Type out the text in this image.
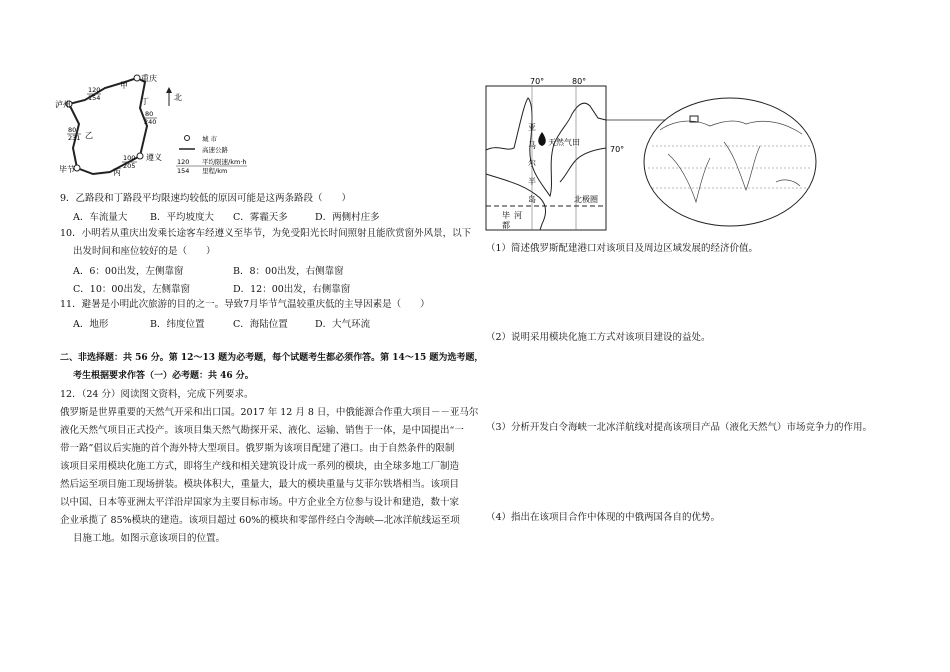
重庆
泸州
毕节
遵义
甲
乙
丙
丁
120
154
80
231
100
205
80
240
北
城 市
高速公路
120
154
平均限速/km·h
里程/km
9．乙路段和丁路段平均限速均较低的原因可能是这两条路段（　　）
A．车流量大 B．平均坡度大 C．雾霾天多	D．两侧村庄多
10．小明若从重庆出发乘长途客车经遵义至毕节，为免受阳光长时间照射且能欣赏窗外风景，以下
出发时间和座位较好的是（　　）
A．6：00出发，左侧靠窗	B．8：00出发，右侧靠窗
C．10：00出发，左侧靠窗	D．12：00出发，右侧靠窗
11．避暑是小明此次旅游的目的之一。导致7月毕节气温较重庆低的主导因素是（　　）
A．地形	B．纬度位置	C．海陆位置	D．大气环流
二、非选择题：共 56 分。第 12～13 题为必考题，每个试题考生都必须作答。第 14～15 题为选考题，
考生根据要求作答（一）必考题：共 46 分。
12．（24 分）阅读图文资料，完成下列要求。
俄罗斯是世界重要的天然气开采和出口国。2017 年 12 月 8 日，中俄能源合作重大项目－－亚马尔
液化天然气项目正式投产。该项目集天然气勘探开采、液化、运输、销售于一体，是中国提出“一
带一路”倡议后实施的首个海外特大型项目。俄罗斯为该项目配建了港口。由于自然条件的限制
该项目采用模块化施工方式，即将生产线和相关建筑设计成一系列的模块，由全球多地工厂制造
然后运至项目施工现场拼装。模块体积大，重量大，最大的模块重量与艾菲尔铁塔相当。该项目
以中国、日本等亚洲太平洋沿岸国家为主要目标市场。中方企业全方位参与设计和建造，数十家
企业承揽了 85%模块的建造。该项目超过 60%的模块和零部件经白令海峡—北冰洋航线运至项
目施工地。如图示意该项目的位置。
70°	80°
天然气田
70°
亚
马
尔
半
岛	北极圈
毕 河
都
（1）简述俄罗斯配建港口对该项目及周边区域发展的经济价值。
（2）说明采用模块化施工方式对该项目建设的益处。
（3）分析开发白令海峡一北冰洋航线对提高该项目产品（液化天然气）市场竞争力的作用。
（4）指出在该项目合作中体现的中俄两国各自的优势。
